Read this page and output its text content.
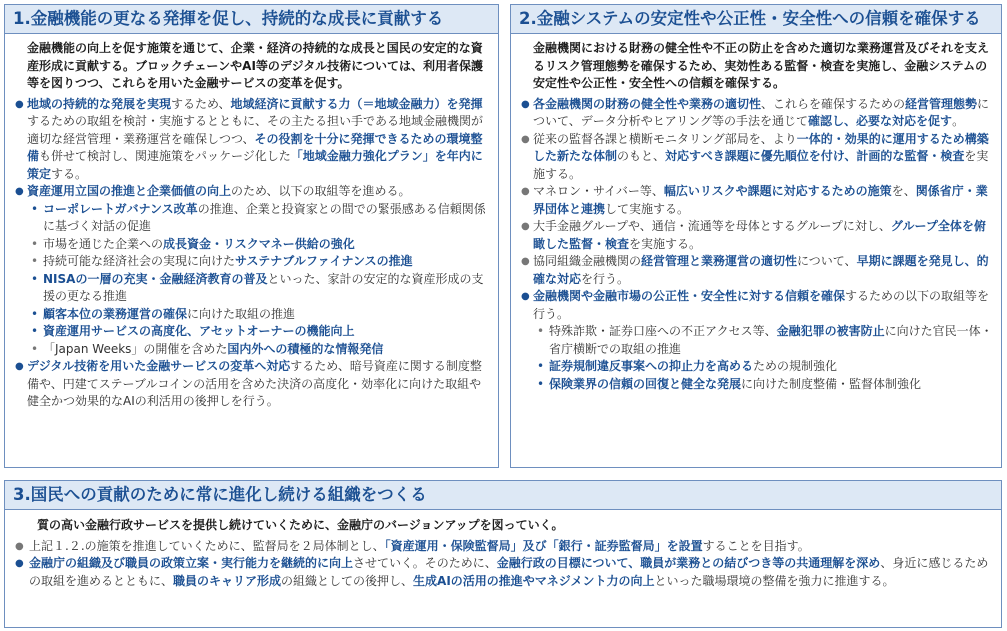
1.金融機能の更なる発揮を促し、持続的な成長に貢献する
金融機能の向上を促す施策を通じて、企業・経済の持続的な成長と国民の安定的な資産形成に貢献する。ブロックチェーンやAI等のデジタル技術については、利用者保護等を図りつつ、これらを用いた金融サービスの変革を促す。
● 地域の持続的な発展を実現するため、地域経済に貢献する力（＝地域金融力）を発揮するための取組を検討・実施するとともに、その主たる担い手である地域金融機関が適切な経営管理・業務運営を確保しつつ、その役割を十分に発揮できるための環境整備も併せて検討し、関連施策をパッケージ化した「地域金融力強化プラン」を年内に策定する。
● 資産運用立国の推進と企業価値の向上のため、以下の取組等を進める。
• コーポレートガバナンス改革の推進、企業と投資家との間での緊張感ある信頼関係に基づく対話の促進
• 市場を通じた企業への成長資金・リスクマネー供給の強化
• 持続可能な経済社会の実現に向けたサステナブルファイナンスの推進
• NISAの一層の充実・金融経済教育の普及といった、家計の安定的な資産形成の支援の更なる推進
• 顧客本位の業務運営の確保に向けた取組の推進
• 資産運用サービスの高度化、アセットオーナーの機能向上
• 「Japan Weeks」の開催を含めた国内外への積極的な情報発信
● デジタル技術を用いた金融サービスの変革へ対応するため、暗号資産に関する制度整備や、円建てステーブルコインの活用を含めた決済の高度化・効率化に向けた取組や健全かつ効果的なAIの利活用の後押しを行う。
2.金融システムの安定性や公正性・安全性への信頼を確保する
金融機関における財務の健全性や不正の防止を含めた適切な業務運営及びそれを支えるリスク管理態勢を確保するため、実効性ある監督・検査を実施し、金融システムの安定性や公正性・安全性への信頼を確保する。
● 各金融機関の財務の健全性や業務の適切性、これらを確保するための経営管理態勢について、データ分析やヒアリング等の手法を通じて確認し、必要な対応を促す。
● 従来の監督各課と横断モニタリング部局を、より一体的・効果的に運用するため構築した新たな体制のもと、対応すべき課題に優先順位を付け、計画的な監督・検査を実施する。
● マネロン・サイバー等、幅広いリスクや課題に対応するための施策を、関係省庁・業界団体と連携して実施する。
● 大手金融グループや、通信・流通等を母体とするグループに対し、グループ全体を俯瞰した監督・検査を実施する。
● 協同組織金融機関の経営管理と業務運営の適切性について、早期に課題を発見し、的確な対応を行う。
● 金融機関や金融市場の公正性・安全性に対する信頼を確保するための以下の取組等を行う。
• 特殊詐欺・証券口座への不正アクセス等、金融犯罪の被害防止に向けた官民一体・省庁横断での取組の推進
• 証券規制違反事案への抑止力を高めるための規制強化
• 保険業界の信頼の回復と健全な発展に向けた制度整備・監督体制強化
3.国民への貢献のために常に進化し続ける組織をつくる
質の高い金融行政サービスを提供し続けていくために、金融庁のバージョンアップを図っていく。
● 上記１.２.の施策を推進していくために、監督局を２局体制とし、「資産運用・保険監督局」及び「銀行・証券監督局」を設置することを目指す。
● 金融庁の組織及び職員の政策立案・実行能力を継続的に向上させていく。そのために、金融行政の目標について、職員が業務との結びつき等の共通理解を深め、身近に感じるための取組を進めるとともに、職員のキャリア形成の組織としての後押し、生成AIの活用の推進やマネジメント力の向上といった職場環境の整備を強力に推進する。
